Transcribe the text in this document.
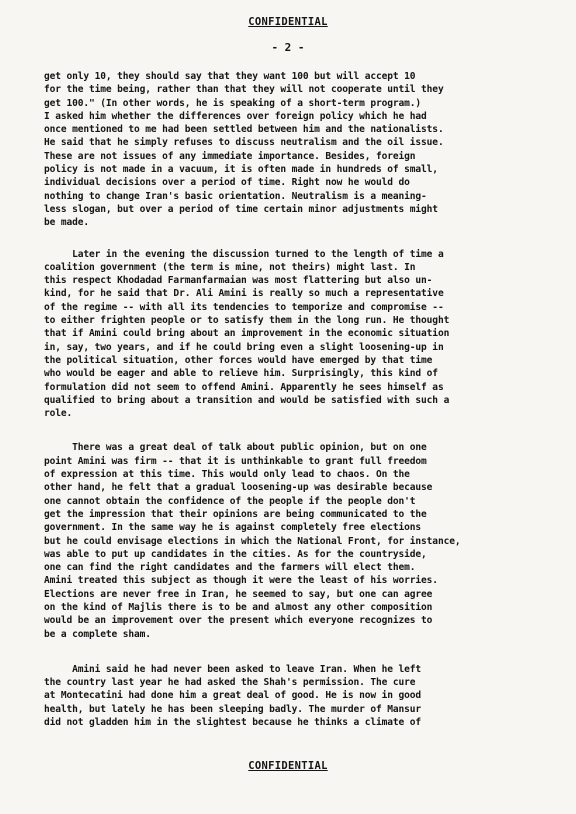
CONFIDENTIAL
- 2 -
get only 10, they should say that they want 100 but will accept 10
for the time being, rather than that they will not cooperate until they
get 100." (In other words, he is speaking of a short-term program.)
I asked him whether the differences over foreign policy which he had
once mentioned to me had been settled between him and the nationalists.
He said that he simply refuses to discuss neutralism and the oil issue.
These are not issues of any immediate importance. Besides, foreign
policy is not made in a vacuum, it is often made in hundreds of small,
individual decisions over a period of time. Right now he would do
nothing to change Iran's basic orientation. Neutralism is a meaning-
less slogan, but over a period of time certain minor adjustments might
be made.
Later in the evening the discussion turned to the length of time a
coalition government (the term is mine, not theirs) might last. In
this respect Khodadad Farmanfarmaian was most flattering but also un-
kind, for he said that Dr. Ali Amini is really so much a representative
of the regime -- with all its tendencies to temporize and compromise --
to either frighten people or to satisfy them in the long run. He thought
that if Amini could bring about an improvement in the economic situation
in, say, two years, and if he could bring even a slight loosening-up in
the political situation, other forces would have emerged by that time
who would be eager and able to relieve him. Surprisingly, this kind of
formulation did not seem to offend Amini. Apparently he sees himself as
qualified to bring about a transition and would be satisfied with such a
role.
There was a great deal of talk about public opinion, but on one
point Amini was firm -- that it is unthinkable to grant full freedom
of expression at this time. This would only lead to chaos. On the
other hand, he felt that a gradual loosening-up was desirable because
one cannot obtain the confidence of the people if the people don't
get the impression that their opinions are being communicated to the
government. In the same way he is against completely free elections
but he could envisage elections in which the National Front, for instance,
was able to put up candidates in the cities. As for the countryside,
one can find the right candidates and the farmers will elect them.
Amini treated this subject as though it were the least of his worries.
Elections are never free in Iran, he seemed to say, but one can agree
on the kind of Majlis there is to be and almost any other composition
would be an improvement over the present which everyone recognizes to
be a complete sham.
Amini said he had never been asked to leave Iran. When he left
the country last year he had asked the Shah's permission. The cure
at Montecatini had done him a great deal of good. He is now in good
health, but lately he has been sleeping badly. The murder of Mansur
did not gladden him in the slightest because he thinks a climate of
CONFIDENTIAL
